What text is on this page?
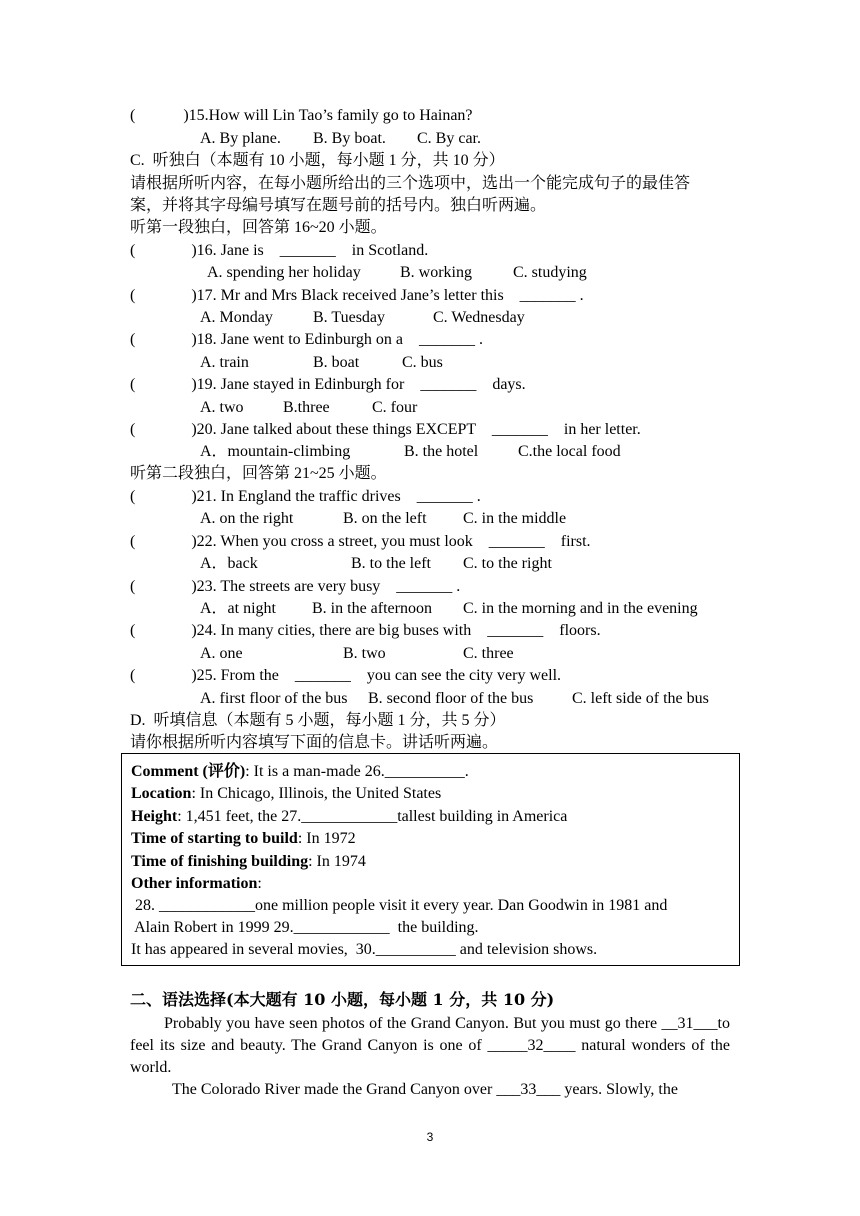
(            )15.How will Lin Tao’s family go to Hainan?
A. By plane. B. By boat. C. By car.
C.  听独白（本题有 10 小题，每小题 1 分，共 10 分）
请根据所听内容，在每小题所给出的三个选项中，选出一个能完成句子的最佳答
案，并将其字母编号填写在题号前的括号内。独白听两遍。
听第一段独白，回答第 16~20 小题。
(              )16. Jane is    _______    in Scotland.
A. spending her holiday B. working	C. studying
(              )17. Mr and Mrs Black received Jane’s letter this    _______ .
A. Monday	B. Tuesday	C. Wednesday
(              )18. Jane went to Edinburgh on a    _______ .
A. train	B. boat	C. bus
(              )19. Jane stayed in Edinburgh for    _______    days.
A. two B.three	C. four
(              )20. Jane talked about these things EXCEPT    _______    in her letter.
A．mountain-climbing	B. the hotel C.the local food
听第二段独白，回答第 21~25 小题。
(              )21. In England the traffic drives    _______ .
A. on the right	B. on the left C. in the middle
(              )22. When you cross a street, you must look    _______    first.
A．back	B. to the left C. to the right
(              )23. The streets are very busy    _______ .
A．at night B. in the afternoon C. in the morning and in the evening
(              )24. In many cities, there are big buses with    _______    floors.
A. one	B. two	C. three
(              )25. From the    _______    you can see the city very well.
A. first floor of the bus B. second floor of the bus C. left side of the bus
D.  听填信息（本题有 5 小题，每小题 1 分，共 5 分）
请你根据所听内容填写下面的信息卡。讲话听两遍。
Comment (评价): It is a man-made 26.__________.
Location: In Chicago, Illinois, the United States
Height: 1,451 feet, the 27.____________tallest building in America
Time of starting to build: In 1972
Time of finishing building: In 1974
Other information:
28. ____________one million people visit it every year. Dan Goodwin in 1981 and
Alain Robert in 1999 29.____________  the building.
It has appeared in several movies,  30.__________ and television shows.
二、语法选择(本大题有 10 小题，每小题 1 分，共 10 分)
Probably you have seen photos of the Grand Canyon. But you must go there __31___to feel its size and beauty. The Grand Canyon is one of _____32____ natural wonders of the world.
The Colorado River made the Grand Canyon over ___33___ years. Slowly, the
3
